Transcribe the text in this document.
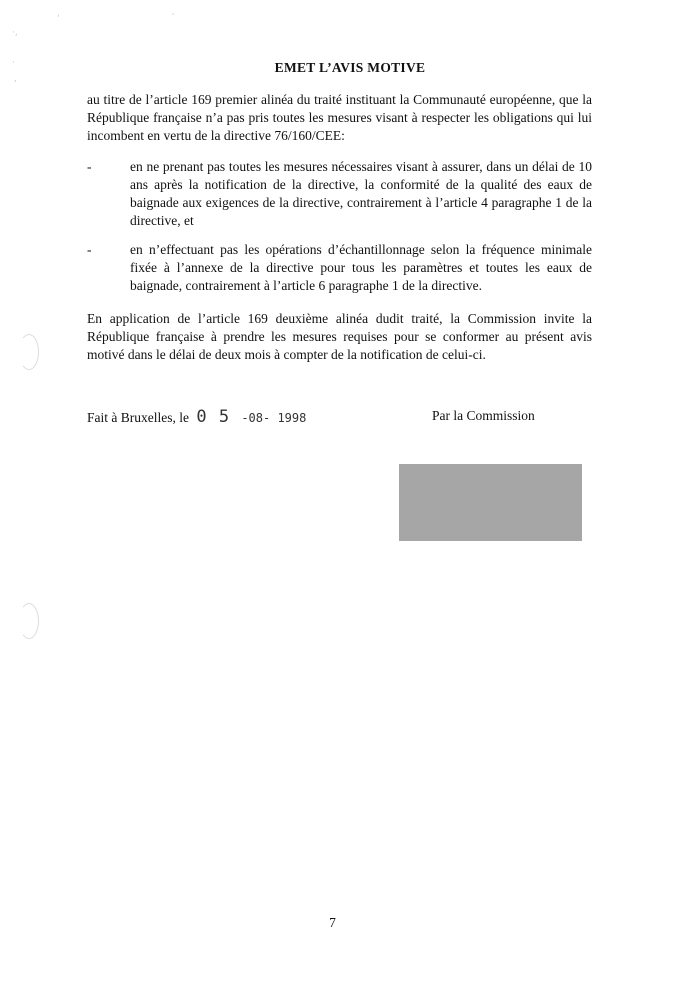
‘	'
·,
·
,
EMET L’AVIS MOTIVE
au titre de l’article 169 premier alinéa du traité instituant la Communauté européenne, que la République française n’a pas pris toutes les mesures visant à respecter les obligations qui lui incombent en vertu de la directive 76/160/CEE:
-	en ne prenant pas toutes les mesures nécessaires visant à assurer, dans un délai de 10 ans après la notification de la directive, la conformité de la qualité des eaux de baignade aux exigences de la directive, contrairement à l’article 4 paragraphe 1 de la directive, et
-	en n’effectuant pas les opérations d’échantillonnage selon la fréquence minimale fixée à l’annexe de la directive pour tous les paramètres et toutes les eaux de baignade, contrairement à l’article 6 paragraphe 1 de la directive.
En application de l’article 169 deuxième alinéa dudit traité, la Commission invite la République française à prendre les mesures requises pour se conformer au présent avis motivé dans le délai de deux mois à compter de la notification de celui-ci.
Fait à Bruxelles, le 0 5 -08- 1998	Par la Commission
7
